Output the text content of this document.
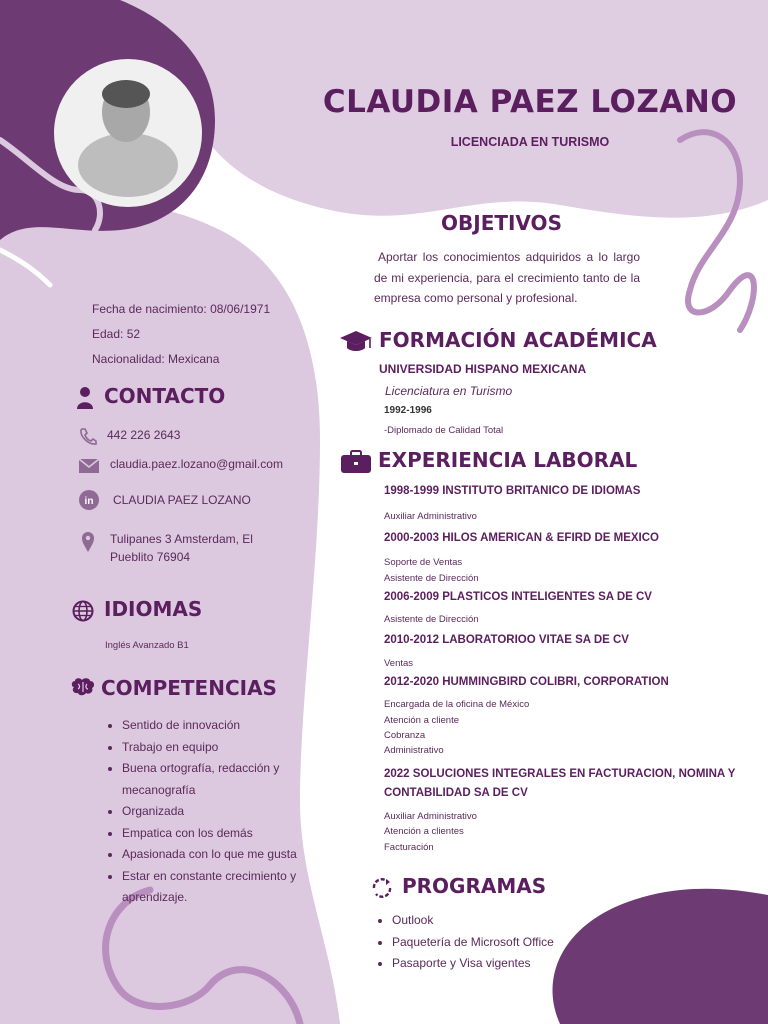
CLAUDIA PAEZ LOZANO
LICENCIADA EN TURISMO
Fecha de nacimiento: 08/06/1971
Edad: 52
Nacionalidad: Mexicana
CONTACTO
442 226 2643
claudia.paez.lozano@gmail.com
in CLAUDIA PAEZ LOZANO
Tulipanes 3 Amsterdam, El
Pueblito 76904
IDIOMAS
Inglés Avanzado B1
COMPETENCIAS
• Sentido de innovación
• Trabajo en equipo
• Buena ortografía, redacción y mecanografía
• Organizada
• Empatica con los demás
• Apasionada con lo que me gusta
• Estar en constante crecimiento y aprendizaje.
OBJETIVOS
Aportar los conocimientos adquiridos a lo largo de mi experiencia, para el crecimiento tanto de la empresa como personal y profesional.
FORMACIÓN ACADÉMICA
UNIVERSIDAD HISPANO MEXICANA
Licenciatura en Turismo
1992-1996
-Diplomado de Calidad Total
EXPERIENCIA LABORAL
1998-1999 INSTITUTO BRITANICO DE IDIOMAS
Auxiliar Administrativo
2000-2003 HILOS AMERICAN & EFIRD DE MEXICO
Soporte de Ventas
Asistente de Dirección
2006-2009 PLASTICOS INTELIGENTES SA DE CV
Asistente de Dirección
2010-2012 LABORATORIOO VITAE SA DE CV
Ventas
2012-2020 HUMMINGBIRD COLIBRI, CORPORATION
Encargada de la oficina de México
Atención a cliente
Cobranza
Administrativo
2022 SOLUCIONES INTEGRALES EN FACTURACION, NOMINA Y CONTABILIDAD SA DE CV
Auxiliar Administrativo
Atención a clientes
Facturación
PROGRAMAS
• Outlook
• Paquetería de Microsoft Office
• Pasaporte y Visa vigentes
